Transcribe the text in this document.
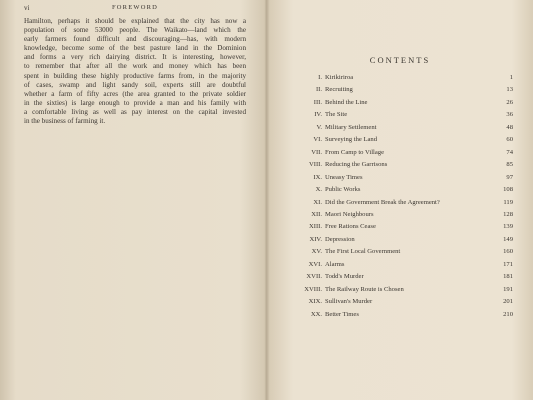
vi	FOREWORD
Hamilton, perhaps it should be explained that the city has now a
population of some 53000 people. The Waikato—land which the
early farmers found difficult and discouraging—has, with modern
knowledge, become some of the best pasture land in the Dominion
and forms a very rich dairying district. It is interesting, however,
to remember that after all the work and money which has been
spent in building these highly productive farms from, in the majority
of cases, swamp and light sandy soil, experts still are doubtful
whether a farm of fifty acres (the area granted to the private soldier
in the sixties) is large enough to provide a man and his family with
a comfortable living as well as pay interest on the capital invested
in the business of farming it.
CONTENTS
I. Kirikiriroa	1
II. Recruiting	13
III. Behind the Line	26
IV. The Site	36
V. Military Settlement	48
VI. Surveying the Land	60
VII. From Camp to Village	74
VIII. Reducing the Garrisons	85
IX. Uneasy Times	97
X. Public Works	108
XI. Did the Government Break the Agreement?	119
XII. Maori Neighbours	128
XIII. Free Rations Cease	139
XIV. Depression	149
XV. The First Local Government	160
XVI. Alarms	171
XVII. Todd's Murder	181
XVIII. The Railway Route is Chosen	191
XIX. Sullivan's Murder	201
XX. Better Times	210
